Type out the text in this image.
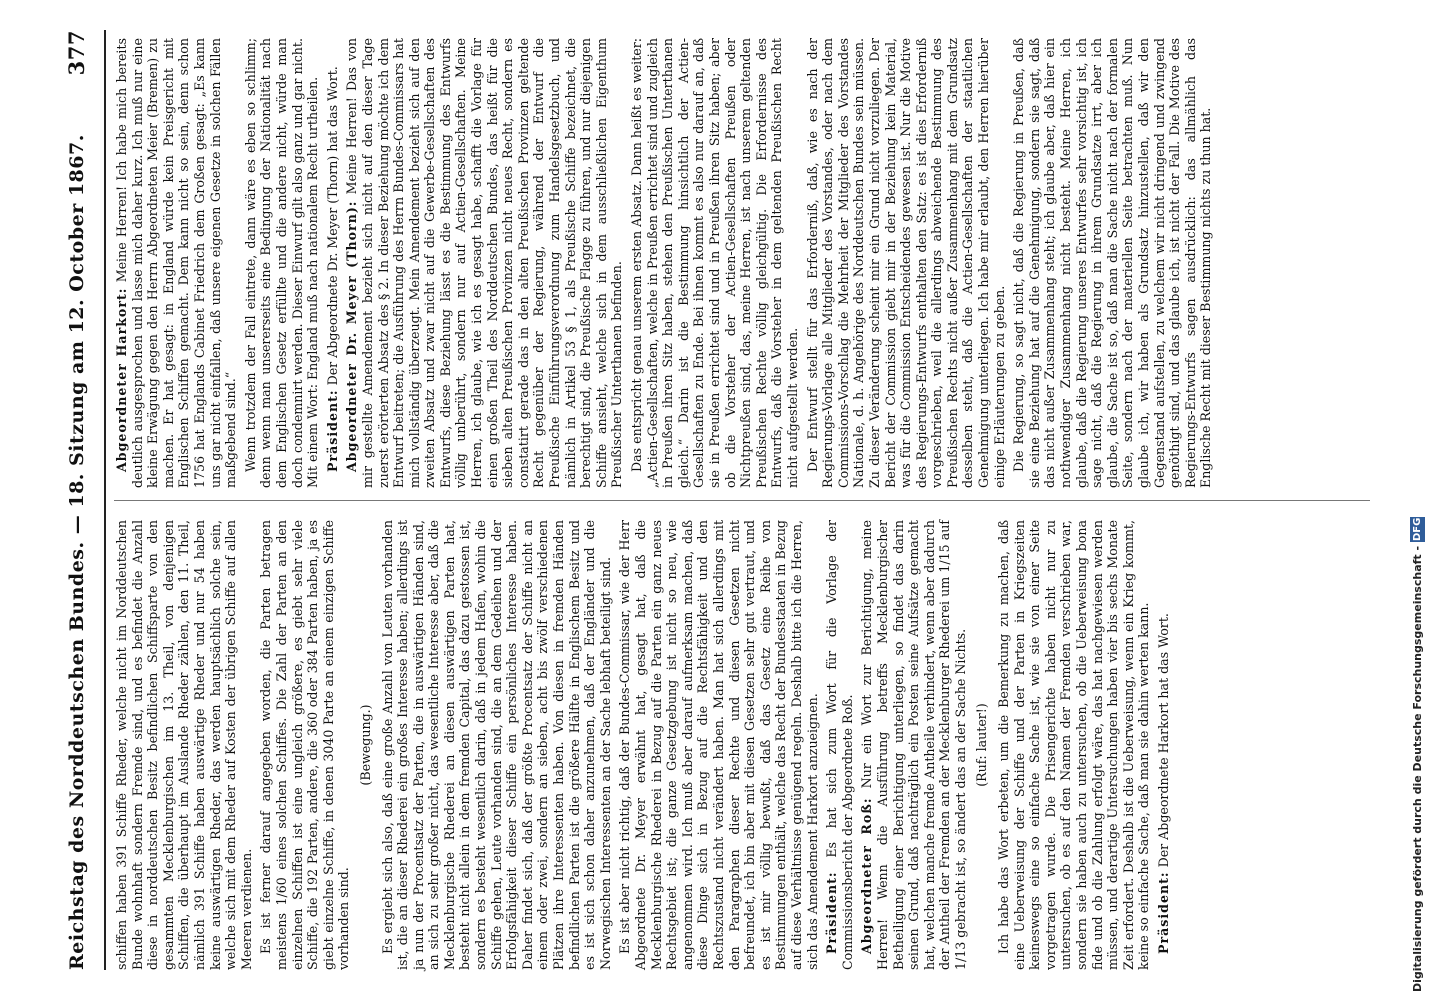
Reichstag des Norddeutschen Bundes. — 18. Sitzung am 12. October 1867.
377

schiffen haben 391 Schiffe Rheder, welche nicht im Norddeutschen Bunde wohnhaft sondern Fremde sind, und es befindet die Anzahl diese in norddeutschen Besitz befindlichen Schiffsparte von den gesammten Mecklenburgischen im 13. Theil, von denjenigen Schiffen, die überhaupt im Auslande Rheder zählen, den 11. Theil, nämlich 391 Schiffe haben auswärtige Rheder und nur 54 haben keine auswärtigen Rheder, das werden hauptsächlich solche sein, welche sich mit dem Rheder auf Kosten der übrigen Schiffe auf allen Meeren verdienen. Es ist ferner darauf angegeben worden, die Parten betragen meistens 1/60 eines solchen Schiffes. Die Zahl der Parten an den einzelnen Schiffen ist eine ungleich größere, es giebt sehr viele Schiffe, die 192 Parten, andere, die 360 oder 384 Parten haben, ja es giebt einzelne Schiffe, in denen 3040 Parte an einem einzigen Schiffe vorhanden sind.

(Bewegung.) Es ergiebt sich also, daß eine große Anzahl von Leuten vorhanden ist, die an dieser Rhederei ein großes Interesse haben; allerdings ist ja nun der Procentsatz der Parten, die in auswärtigen Händen sind, an sich zu sehr großer nicht, das wesentliche Interesse aber, daß die Mecklenburgische Rhederei an diesen auswärtigen Parten hat, besteht nicht allein in dem fremden Capital, das dazu gestossen ist, sondern es besteht wesentlich darin, daß in jedem Hafen, wohin die Schiffe gehen, Leute vorhanden sind, die an dem Gedeihen und der Erfolgsfähigkeit dieser Schiffe ein persönliches Interesse haben. Daher findet sich, daß der größte Procentsatz der Schiffe nicht an einem oder zwei, sondern an sieben, acht bis zwölf verschiedenen Plätzen ihre Interessenten haben. Von diesen in fremden Händen befindlichen Parten ist die größere Hälfte in Englischem Besitz und es ist sich schon daher anzunehmen, daß der Engländer und die Norwegischen Interessenten an der Sache lebhaft beteiligt sind. Es ist aber nicht richtig, daß der Bundes-Commissar, wie der Herr Abgeordnete Dr. Meyer erwähnt hat, gesagt hat, daß die Mecklenburgische Rhederei in Bezug auf die Parten ein ganz neues Rechtsgebiet ist; die ganze Gesetzgebung ist nicht so neu, wie angenommen wird. Ich muß aber darauf aufmerksam machen, daß diese Dinge sich in Bezug auf die Rechtsfähigkeit und den Rechtszustand nicht verändert haben. Man hat sich allerdings mit den Paragraphen dieser Rechte und diesen Gesetzen nicht befreundet, ich bin aber mit diesen Gesetzen sehr gut vertraut, und es ist mir völlig bewußt, daß das Gesetz eine Reihe von Bestimmungen enthält, welche das Recht der Bundesstaaten in Bezug auf diese Verhältnisse genügend regeln. Deshalb bitte ich die Herren, sich das Amendement Harkort anzueignen. Präsident: Es hat sich zum Wort für die Vorlage der Commissionsbericht der Abgeordnete Roß. Abgeordneter Roß: Nur ein Wort zur Berichtigung, meine Herren! Wenn die Ausführung betreffs Mecklenburgischer Betheiligung einer Berichtigung unterliegen, so findet das darin seinen Grund, daß nachträglich ein Posten seine Aufsätze gemacht hat, welchen manche fremde Antheile verhindert, wenn aber dadurch der Antheil der Fremden an der Mecklenburger Rhederei um 1/15 auf 1/13 gebracht ist, so ändert das an der Sache Nichts. (Ruf: lauter!) Ich habe das Wort erbeten, um die Bemerkung zu machen, daß eine Ueberweisung der Schiffe und der Parten in Kriegszeiten keineswegs eine so einfache Sache ist, wie sie von einer Seite vorgetragen wurde. Die Prisengerichte haben nicht nur zu untersuchen, ob es auf den Namen der Fremden verschrieben war, sondern sie haben auch zu untersuchen, ob die Ueberweisung bona fide und ob die Zahlung erfolgt wäre, das hat nachgewiesen werden müssen, und derartige Untersuchungen haben vier bis sechs Monate Zeit erfordert. Deshalb ist die Ueberweisung, wenn ein Krieg kommt, keine so einfache Sache, daß man sie dahin werten kann. Präsident: Der Abgeordnete Harkort hat das Wort.

Abgeordneter Harkort: Meine Herren! Ich habe mich bereits deutlich ausgesprochen und lasse mich daher kurz. Ich muß nur eine kleine Erwägung gegen den Herrn Abgeordneten Meier (Bremen) zu machen. Er hat gesagt: in England würde kein Preisgericht mit Englischen Schiffen gemacht. Dem kann nicht so sein, denn schon 1756 hat Englands Cabinet Friedrich dem Großen gesagt: „Es kann uns gar nicht einfallen, daß unsere eigenen Gesetze in solchen Fällen maßgebend sind.“ Wenn trotzdem der Fall eintrete, dann wäre es eben so schlimm; denn wenn man unsererseits eine Bedingung der Nationalität nach dem Englischen Gesetz erfüllte und die andere nicht, würde man doch condemnirt werden. Dieser Einwurf gilt also ganz und gar nicht. Mit einem Wort: England muß nach nationalem Recht urtheilen. Präsident: Der Abgeordnete Dr. Meyer (Thorn) hat das Wort. Abgeordneter Dr. Meyer (Thorn): Meine Herren! Das von mir gestellte Amendement bezieht sich nicht auf den dieser Tage zuerst erörterten Absatz des § 2. In dieser Beziehung möchte ich dem Entwurf beitreten; die Ausführung des Herrn Bundes-Commissars hat mich vollständig überzeugt. Mein Amendement bezieht sich auf den zweiten Absatz und zwar nicht auf die Gewerbe-Gesellschaften des Entwurfs, diese Beziehung lässt es die Bestimmung des Entwurfs völlig unberührt, sondern nur auf Actien-Gesellschaften. Meine Herren, ich glaube, wie ich es gesagt habe, schafft die Vorlage für einen großen Theil des Norddeutschen Bundes, das heißt für die sieben alten Preußischen Provinzen nicht neues Recht, sondern es constatirt gerade das in den alten Preußischen Provinzen geltende Recht gegenüber der Regierung, während der Entwurf die Preußische Einführungsverordnung zum Handelsgesetzbuch, und nämlich in Artikel 53 § 1, als Preußische Schiffe bezeichnet, die berechtigt sind, die Preußische Flagge zu führen, und nur diejenigen Schiffe ansieht, welche sich in dem ausschließlichen Eigenthum Preußischer Unterthanen befinden. Das entspricht genau unserem ersten Absatz. Dann heißt es weiter: „Actien-Gesellschaften, welche in Preußen errichtet sind und zugleich in Preußen ihren Sitz haben, stehen den Preußischen Unterthanen gleich.“ Darin ist die Bestimmung hinsichtlich der Actien-Gesellschaften zu Ende. Bei ihnen kommt es also nur darauf an, daß sie in Preußen errichtet sind und in Preußen ihren Sitz haben; aber ob die Vorsteher der Actien-Gesellschaften Preußen oder Nichtpreußen sind, das, meine Herren, ist nach unserem geltenden Preußischen Rechte völlig gleichgültig. Die Erfordernisse des Entwurfs, daß die Vorsteher in dem geltenden Preußischen Recht nicht aufgestellt werden. Der Entwurf stellt für das Erforderniß, daß, wie es nach der Regierungs-Vorlage alle Mitglieder des Vorstandes, oder nach dem Commissions-Vorschlag die Mehrheit der Mitglieder des Vorstandes Nationale, d. h. Angehörige des Norddeutschen Bundes sein müssen. Zu dieser Veränderung scheint mir ein Grund nicht vorzuliegen. Der Bericht der Commission giebt mir in der Beziehung kein Material, was für die Commission Entscheidendes gewesen ist. Nur die Motive des Regierungs-Entwurfs enthalten den Satz: es ist dies Erforderniß vorgeschrieben, weil die allerdings abweichende Bestimmung des Preußischen Rechts nicht außer Zusammenhang mit dem Grundsatz desselben steht, daß die Actien-Gesellschaften der staatlichen Genehmigung unterliegen. Ich habe mir erlaubt, den Herren hierüber einige Erläuterungen zu geben. Die Regierung, so sagt nicht, daß die Regierung in Preußen, daß sie eine Beziehung hat auf die Genehmigung, sondern sie sagt, daß das nicht außer Zusammenhang steht; ich glaube aber, daß hier ein nothwendiger Zusammenhang nicht besteht. Meine Herren, ich glaube, daß die Regierung unseres Entwurfes sehr vorsichtig ist, ich sage nicht, daß die Regierung in ihrem Grundsatze irrt, aber ich glaube, die Sache ist so, daß man die Sache nicht nach der formalen Seite, sondern nach der materiellen Seite betrachten muß. Nun glaube ich, wir haben als Grundsatz hinzustellen, daß wir den Gegenstand aufstellen, zu welchem wir nicht dringend und zwingend genöthigt sind, und das glaube ich, ist nicht der Fall. Die Motive des Regierungs-Entwurfs sagen ausdrücklich: das allmählich das Englische Recht mit dieser Bestimmung nichts zu thun hat.

Digitalisierung gefördert durch die Deutsche Forschungsgemeinschaft - DFG
